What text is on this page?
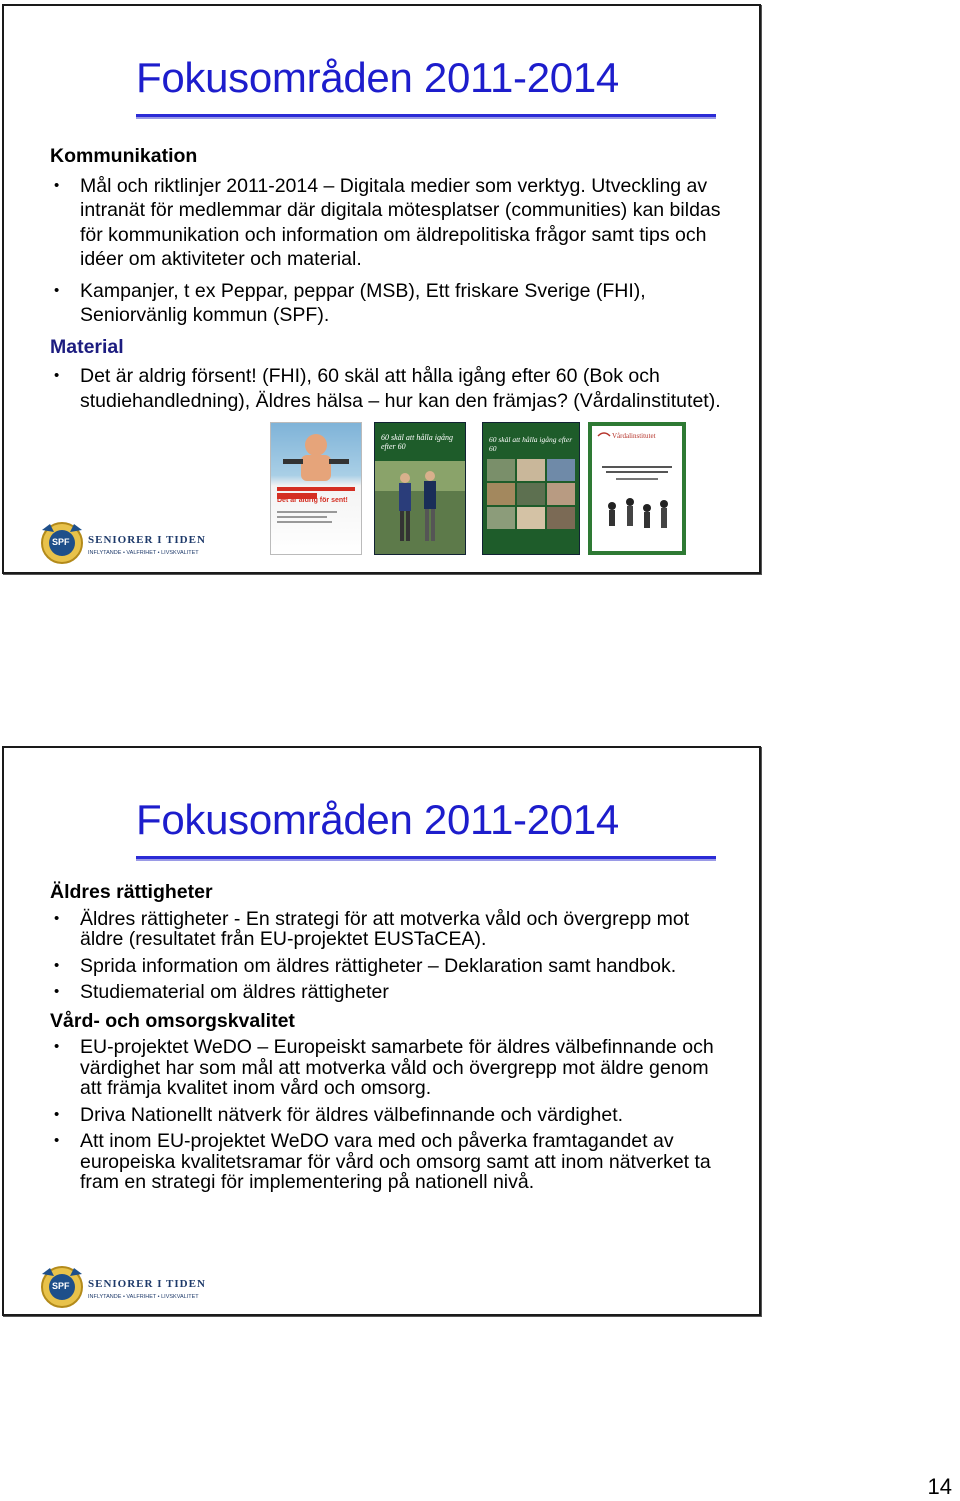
Fokusområden 2011-2014
Kommunikation
• Mål och riktlinjer 2011-2014 – Digitala medier som verktyg. Utveckling av intranät för medlemmar där digitala mötesplatser (communities) kan bildas för kommunikation och information om äldrepolitiska frågor samt tips och idéer om aktiviteter och material.
• Kampanjer, t ex Peppar, peppar (MSB), Ett friskare Sverige (FHI), Seniorvänlig kommun (SPF).
Material
• Det är aldrig försent! (FHI), 60 skäl att hålla igång efter 60 (Bok och studiehandledning), Äldres hälsa – hur kan den främjas? (Vårdalinstitutet).
Det är aldrig för sent!
60 skäl att hålla igång efter 60
60 skäl att hålla igång efter 60
Vårdalinstitutet
SPF SENIORER I TIDEN
INFLYTANDE • VALFRIHET • LIVSKVALITET
Fokusområden 2011-2014
Äldres rättigheter
• Äldres rättigheter - En strategi för att motverka våld och övergrepp mot äldre (resultatet från EU-projektet EUSTaCEA).
• Sprida information om äldres rättigheter – Deklaration samt handbok.
• Studiematerial om äldres rättigheter
Vård- och omsorgskvalitet
• EU-projektet WeDO – Europeiskt samarbete för äldres välbefinnande och värdighet har som mål att motverka våld och övergrepp mot äldre genom att främja kvalitet inom vård och omsorg.
• Driva Nationellt nätverk för äldres välbefinnande och värdighet.
• Att inom EU-projektet WeDO vara med och påverka framtagandet av europeiska kvalitetsramar för vård och omsorg samt att inom nätverket ta fram en strategi för implementering på nationell nivå.
SPF SENIORER I TIDEN
INFLYTANDE • VALFRIHET • LIVSKVALITET
14
